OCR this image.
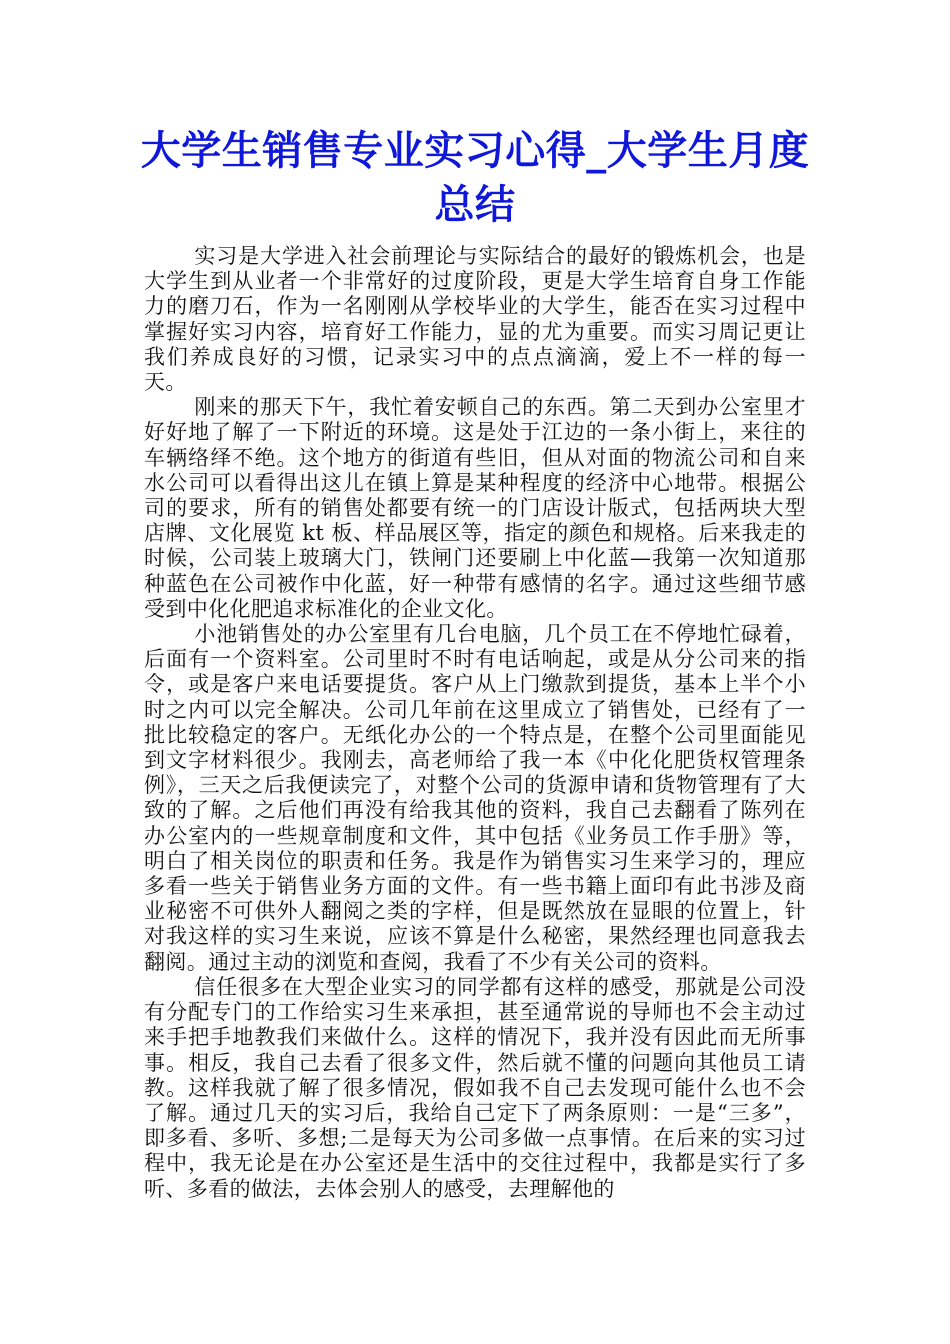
大学生销售专业实习心得_大学生月度总结

实习是大学进入社会前理论与实际结合的最好的锻炼机会，也是大学生到从业者一个非常好的过度阶段，更是大学生培育自身工作能力的磨刀石，作为一名刚刚从学校毕业的大学生，能否在实习过程中掌握好实习内容，培育好工作能力，显的尤为重要。而实习周记更让我们养成良好的习惯，记录实习中的点点滴滴，爱上不一样的每一天。

刚来的那天下午，我忙着安顿自己的东西。第二天到办公室里才好好地了解了一下附近的环境。这是处于江边的一条小街上，来往的车辆络绎不绝。这个地方的街道有些旧，但从对面的物流公司和自来水公司可以看得出这儿在镇上算是某种程度的经济中心地带。根据公司的要求，所有的销售处都要有统一的门店设计版式，包括两块大型店牌、文化展览 kt 板、样品展区等，指定的颜色和规格。后来我走的时候，公司装上玻璃大门，铁闸门还要刷上中化蓝—我第一次知道那种蓝色在公司被作中化蓝，好一种带有感情的名字。通过这些细节感受到中化化肥追求标准化的企业文化。

小池销售处的办公室里有几台电脑，几个员工在不停地忙碌着，后面有一个资料室。公司里时不时有电话响起，或是从分公司来的指令，或是客户来电话要提货。客户从上门缴款到提货，基本上半个小时之内可以完全解决。公司几年前在这里成立了销售处，已经有了一批比较稳定的客户。无纸化办公的一个特点是，在整个公司里面能见到文字材料很少。我刚去，高老师给了我一本《中化化肥货权管理条例》，三天之后我便读完了，对整个公司的货源申请和货物管理有了大致的了解。之后他们再没有给我其他的资料，我自己去翻看了陈列在办公室内的一些规章制度和文件，其中包括《业务员工作手册》等，明白了相关岗位的职责和任务。我是作为销售实习生来学习的，理应多看一些关于销售业务方面的文件。有一些书籍上面印有此书涉及商业秘密不可供外人翻阅之类的字样，但是既然放在显眼的位置上，针对我这样的实习生来说，应该不算是什么秘密，果然经理也同意我去翻阅。通过主动的浏览和查阅，我看了不少有关公司的资料。

信任很多在大型企业实习的同学都有这样的感受，那就是公司没有分配专门的工作给实习生来承担，甚至通常说的导师也不会主动过来手把手地教我们来做什么。这样的情况下，我并没有因此而无所事事。相反，我自己去看了很多文件，然后就不懂的问题向其他员工请教。这样我就了解了很多情况，假如我不自己去发现可能什么也不会了解。通过几天的实习后，我给自己定下了两条原则：一是“三多”，即多看、多听、多想;二是每天为公司多做一点事情。在后来的实习过程中，我无论是在办公室还是生活中的交往过程中，我都是实行了多听、多看的做法，去体会别人的感受，去理解他的
